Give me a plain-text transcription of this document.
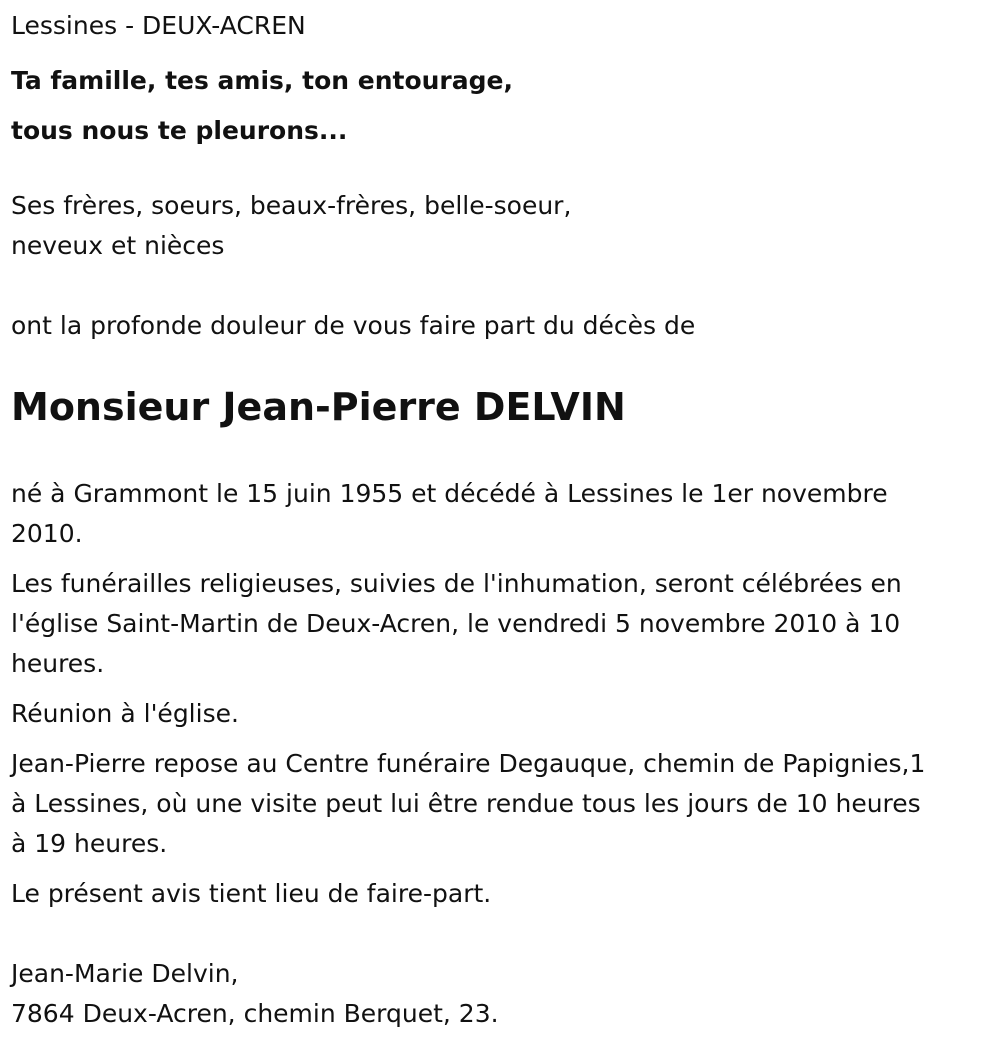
Lessines - DEUX-ACREN

Ta famille, tes amis, ton entourage,
tous nous te pleurons...
Ses frères, soeurs, beaux-frères, belle-soeur,
neveux et nièces

ont la profonde douleur de vous faire part du décès de

Monsieur Jean-Pierre DELVIN
né à Grammont le 15 juin 1955 et décédé à Lessines le 1er novembre
2010.
Les funérailles religieuses, suivies de l'inhumation, seront célébrées en
l'église Saint-Martin de Deux-Acren, le vendredi 5 novembre 2010 à 10
heures.
Réunion à l'église.
Jean-Pierre repose au Centre funéraire Degauque, chemin de Papignies,1
à Lessines, où une visite peut lui être rendue tous les jours de 10 heures
à 19 heures.
Le présent avis tient lieu de faire-part.
Jean-Marie Delvin,
7864 Deux-Acren, chemin Berquet, 23.
